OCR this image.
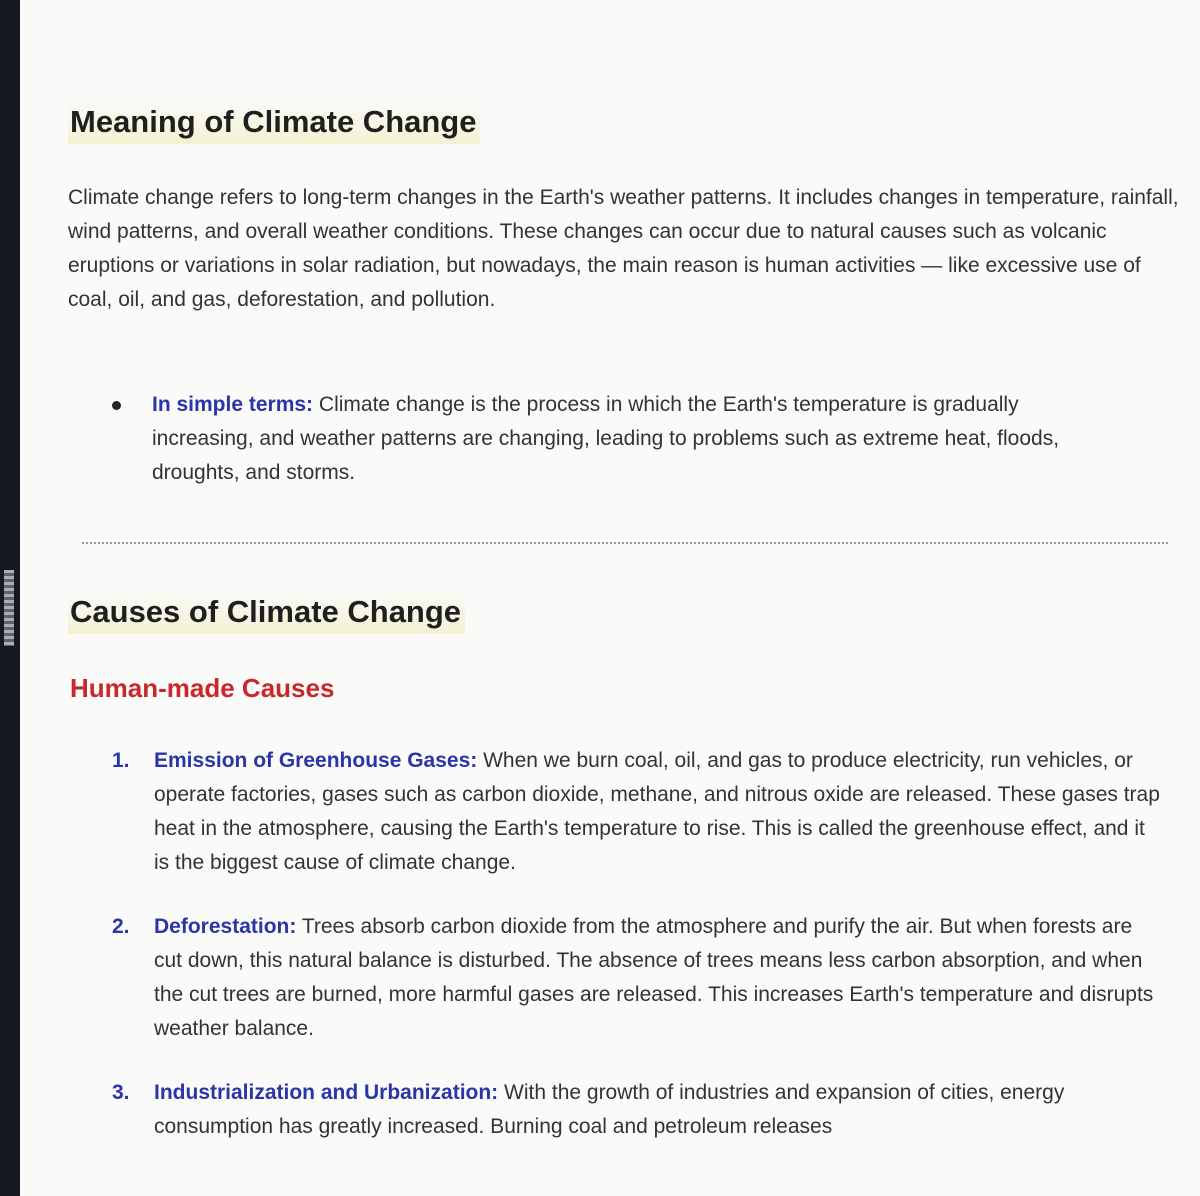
Meaning of Climate Change

Climate change refers to long-term changes in the Earth's weather patterns. It includes changes in temperature, rainfall, wind patterns, and overall weather conditions. These changes can occur due to natural causes such as volcanic eruptions or variations in solar radiation, but nowadays, the main reason is human activities — like excessive use of coal, oil, and gas, deforestation, and pollution.

In simple terms: Climate change is the process in which the Earth's temperature is gradually increasing, and weather patterns are changing, leading to problems such as extreme heat, floods, droughts, and storms.
Causes of Climate Change
Human-made Causes
1. Emission of Greenhouse Gases: When we burn coal, oil, and gas to produce electricity, run vehicles, or operate factories, gases such as carbon dioxide, methane, and nitrous oxide are released. These gases trap heat in the atmosphere, causing the Earth's temperature to rise. This is called the greenhouse effect, and it is the biggest cause of climate change.
2. Deforestation: Trees absorb carbon dioxide from the atmosphere and purify the air. But when forests are cut down, this natural balance is disturbed. The absence of trees means less carbon absorption, and when the cut trees are burned, more harmful gases are released. This increases Earth's temperature and disrupts weather balance.
3. Industrialization and Urbanization: With the growth of industries and expansion of cities, energy consumption has greatly increased. Burning coal and petroleum releases
